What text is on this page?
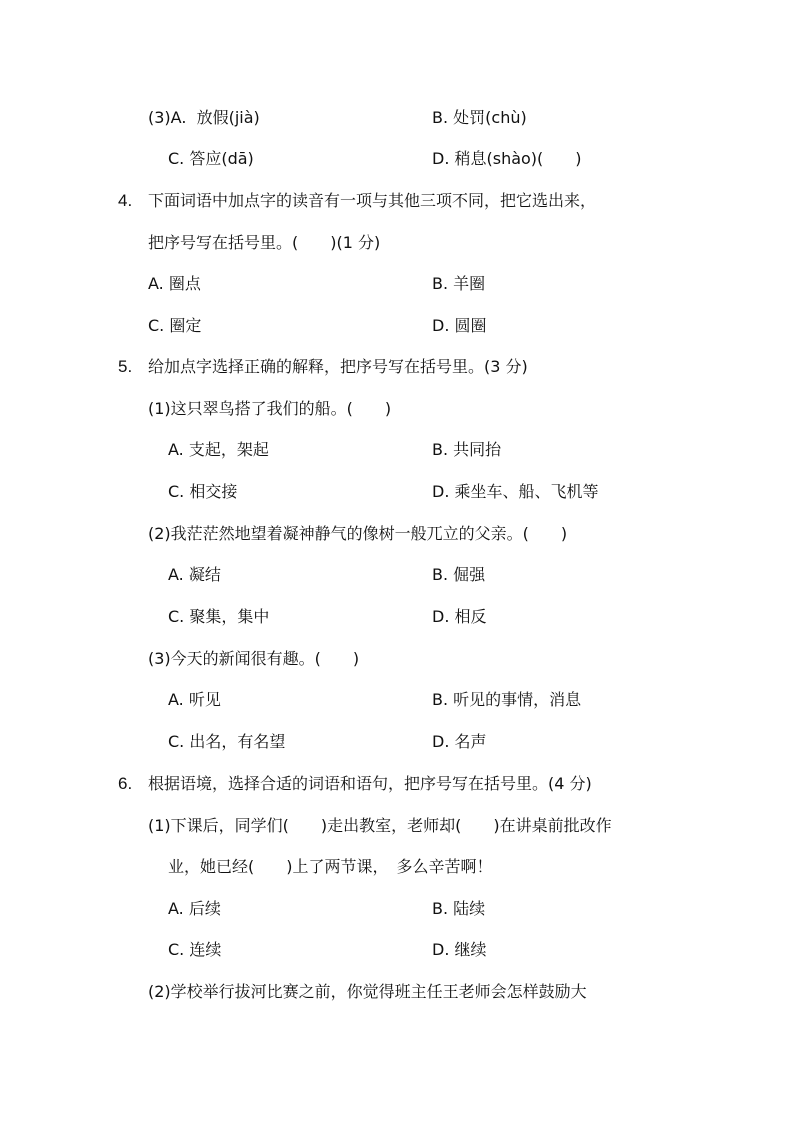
(3)A. 放假(jià)	B. 处罚(chù)
C. 答应(dā)	D. 稍息(shào)(　　)
4. 下面词语中加点字的读音有一项与其他三项不同，把它选出来，
把序号写在括号里。(　　)(1 分)
A. 圈点	B. 羊圈
C. 圈定	D. 圆圈
5. 给加点字选择正确的解释，把序号写在括号里。(3 分)
(1)这只翠鸟搭了我们的船。(　　)
A. 支起，架起	B. 共同抬
C. 相交接	D. 乘坐车、船、飞机等
(2)我茫茫然地望着凝神静气的像树一般兀立的父亲。(　　)
A. 凝结	B. 倔强
C. 聚集，集中	D. 相反
(3)今天的新闻很有趣。(　　)
A. 听见	B. 听见的事情，消息
C. 出名，有名望	D. 名声
6. 根据语境，选择合适的词语和语句，把序号写在括号里。(4 分)
(1)下课后，同学们(　　)走出教室，老师却(　　)在讲桌前批改作
业，她已经(　　)上了两节课，　多么辛苦啊！
A. 后续	B. 陆续
C. 连续	D. 继续
(2)学校举行拔河比赛之前，你觉得班主任王老师会怎样鼓励大
